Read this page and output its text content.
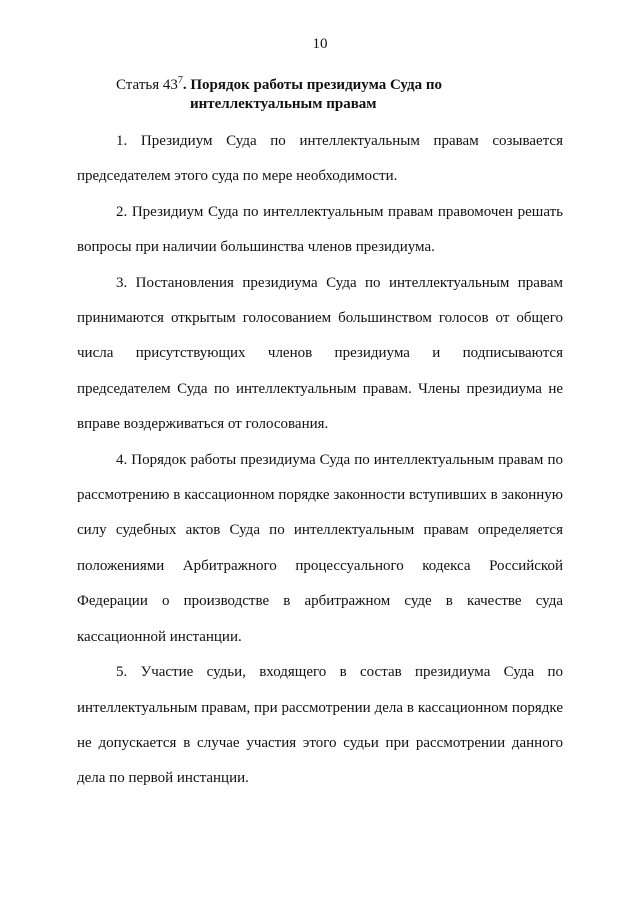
10
Статья $43^7$. Порядок работы президиума Суда по
интеллектуальным правам

1. Президиум Суда по интеллектуальным правам созывается председателем этого суда по мере необходимости.

2. Президиум Суда по интеллектуальным правам правомочен решать вопросы при наличии большинства членов президиума.

3. Постановления президиума Суда по интеллектуальным правам принимаются открытым голосованием большинством голосов от общего числа присутствующих членов президиума и подписываются председателем Суда по интеллектуальным правам. Члены президиума не вправе воздерживаться от голосования.

4. Порядок работы президиума Суда по интеллектуальным правам по рассмотрению в кассационном порядке законности вступивших в законную силу судебных актов Суда по интеллектуальным правам определяется положениями Арбитражного процессуального кодекса Российской Федерации о производстве в арбитражном суде в качестве суда кассационной инстанции.

5. Участие судьи, входящего в состав президиума Суда по интеллектуальным правам, при рассмотрении дела в кассационном порядке не допускается в случае участия этого судьи при рассмотрении данного дела по первой инстанции.
